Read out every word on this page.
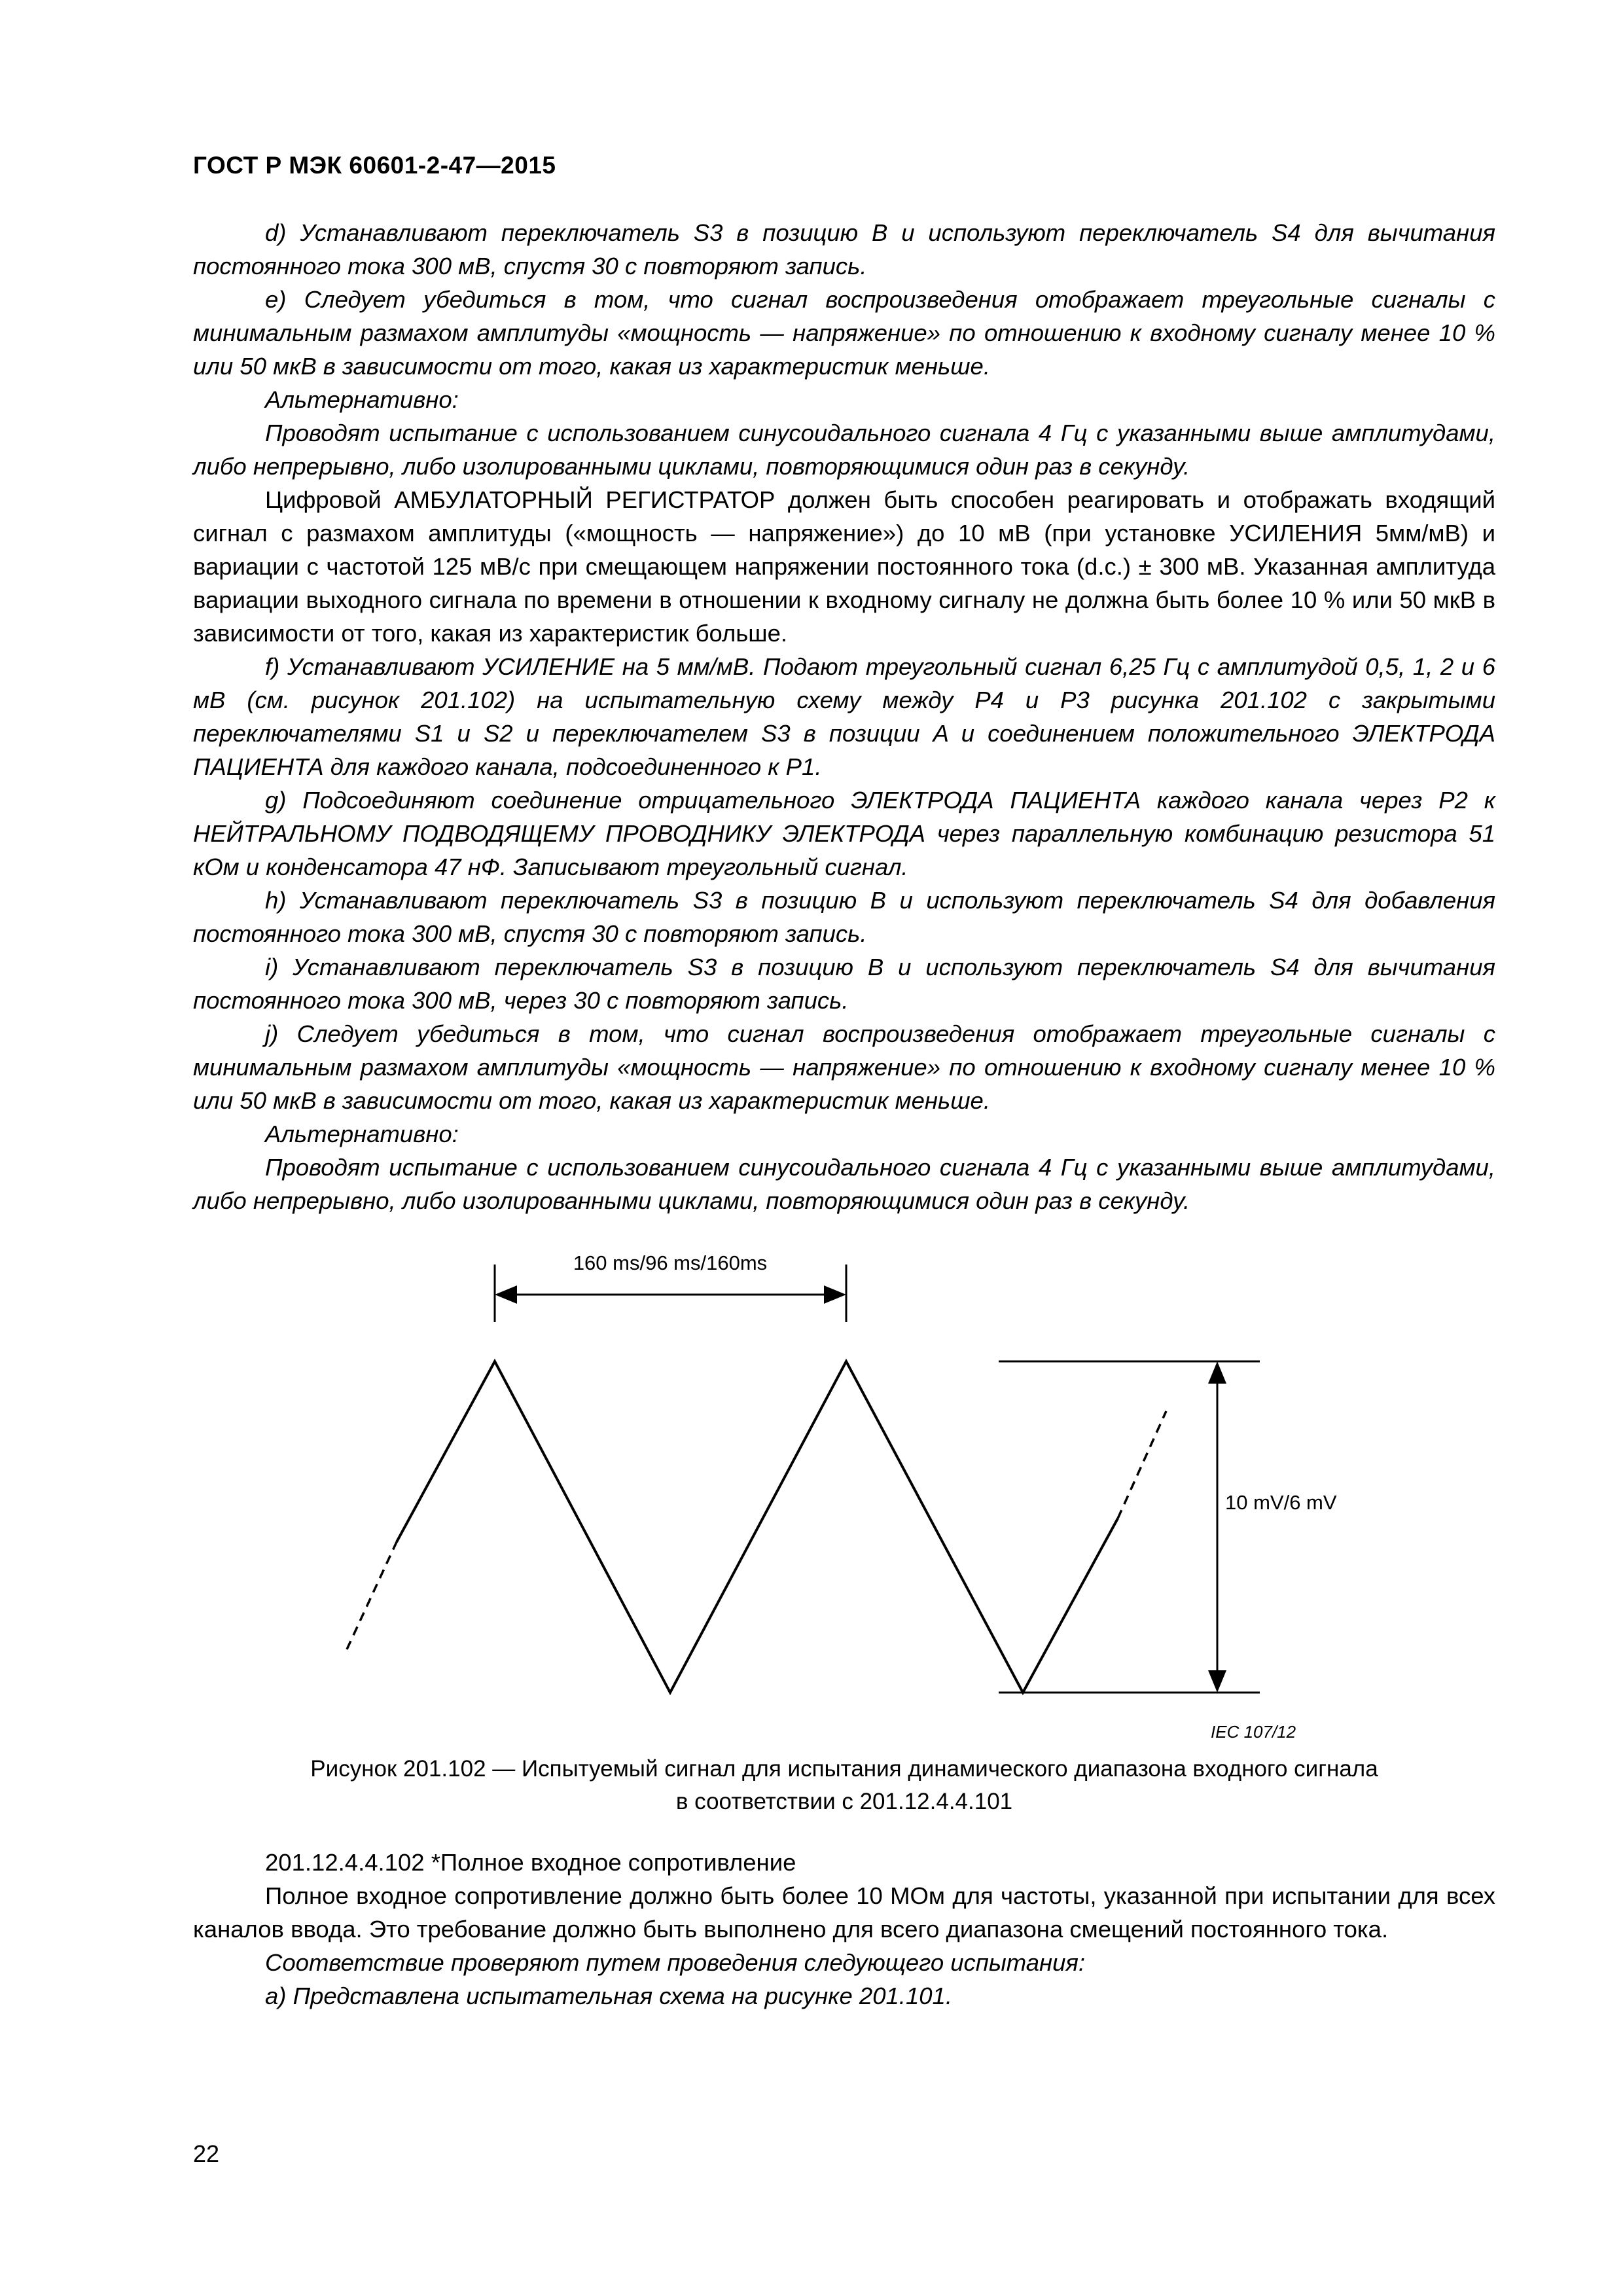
ГОСТ Р МЭК 60601-2-47—2015

d) Устанавливают переключатель S3 в позицию B и используют переключатель S4 для вычитания постоянного тока 300 мВ, спустя 30 с повторяют запись.

e) Следует убедиться в том, что сигнал воспроизведения отображает треугольные сигналы с минимальным размахом амплитуды «мощность — напряжение» по отношению к входному сигналу менее 10 % или 50 мкВ в зависимости от того, какая из характеристик меньше.

Альтернативно:

Проводят испытание с использованием синусоидального сигнала 4 Гц с указанными выше амплитудами, либо непрерывно, либо изолированными циклами, повторяющимися один раз в секунду.

Цифровой АМБУЛАТОРНЫЙ РЕГИСТРАТОР должен быть способен реагировать и отображать входящий сигнал с размахом амплитуды («мощность — напряжение») до 10 мВ (при установке УСИЛЕНИЯ 5мм/мВ) и вариации с частотой 125 мВ/с при смещающем напряжении постоянного тока (d.c.) ± 300 мВ. Указанная амплитуда вариации выходного сигнала по времени в отношении к входному сигналу не должна быть более 10 % или 50 мкВ в зависимости от того, какая из характеристик больше.

f) Устанавливают УСИЛЕНИЕ на 5 мм/мВ. Подают треугольный сигнал 6,25 Гц с амплитудой 0,5, 1, 2 и 6 мВ (см. рисунок 201.102) на испытательную схему между P4 и P3 рисунка 201.102 с закрытыми переключателями S1 и S2 и переключателем S3 в позиции A и соединением положительного ЭЛЕКТРОДА ПАЦИЕНТА для каждого канала, подсоединенного к P1.

g) Подсоединяют соединение отрицательного ЭЛЕКТРОДА ПАЦИЕНТА каждого канала через P2 к НЕЙТРАЛЬНОМУ ПОДВОДЯЩЕМУ ПРОВОДНИКУ ЭЛЕКТРОДА через параллельную комбинацию резистора 51 кОм и конденсатора 47 нФ. Записывают треугольный сигнал.

h) Устанавливают переключатель S3 в позицию B и используют переключатель S4 для добавления постоянного тока 300 мВ, спустя 30 с повторяют запись.

i) Устанавливают переключатель S3 в позицию B и используют переключатель S4 для вычитания постоянного тока 300 мВ, через 30 с повторяют запись.

j) Следует убедиться в том, что сигнал воспроизведения отображает треугольные сигналы с минимальным размахом амплитуды «мощность — напряжение» по отношению к входному сигналу менее 10 % или 50 мкВ в зависимости от того, какая из характеристик меньше.

Альтернативно:

Проводят испытание с использованием синусоидального сигнала 4 Гц с указанными выше амплитудами, либо непрерывно, либо изолированными циклами, повторяющимися один раз в секунду.

160 ms/96 ms/160ms
10 mV/6 mV
IEC 107/12
Рисунок 201.102 — Испытуемый сигнал для испытания динамического диапазона входного сигнала
в соответствии с 201.12.4.4.101

201.12.4.4.102 *Полное входное сопротивление

Полное входное сопротивление должно быть более 10 МОм для частоты, указанной при испытании для всех каналов ввода. Это требование должно быть выполнено для всего диапазона смещений постоянного тока.

Соответствие проверяют путем проведения следующего испытания:

a) Представлена испытательная схема на рисунке 201.101.

22
